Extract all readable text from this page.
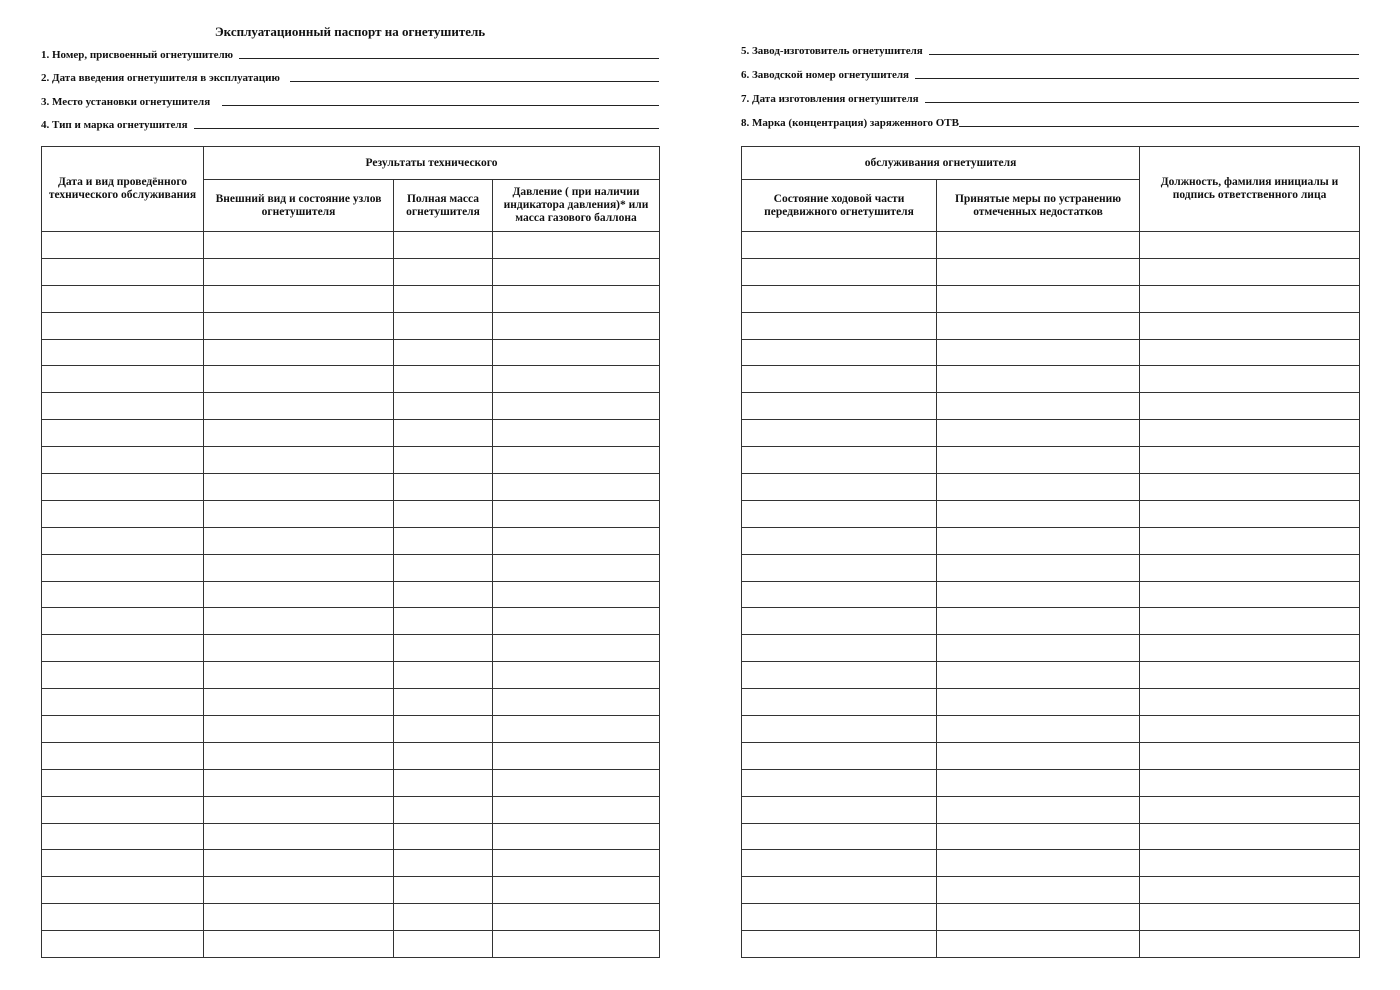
Эксплуатационный паспорт на огнетушитель
1. Номер, присвоенный огнетушителю
2. Дата введения огнетушителя в эксплуатацию
3. Место установки огнетушителя
4. Тип и марка огнетушителя
Дата и вид проведённого технического обслуживания	Результаты технического		
	Внешний вид и состояние узлов огнетушителя	Полная масса огнетушителя	Давление ( при наличии индикатора давления)* или масса газового баллона

5. Завод-изготовитель огнетушителя
6. Заводской номер огнетушителя
7. Дата изготовления огнетушителя
8. Марка (концентрация) заряженного ОТВ
обслуживания огнетушителя		Должность, фамилия инициалы и подпись ответственного лица
Состояние ходовой части передвижного огнетушителя	Принятые меры по устранению отмеченных недостатков	
